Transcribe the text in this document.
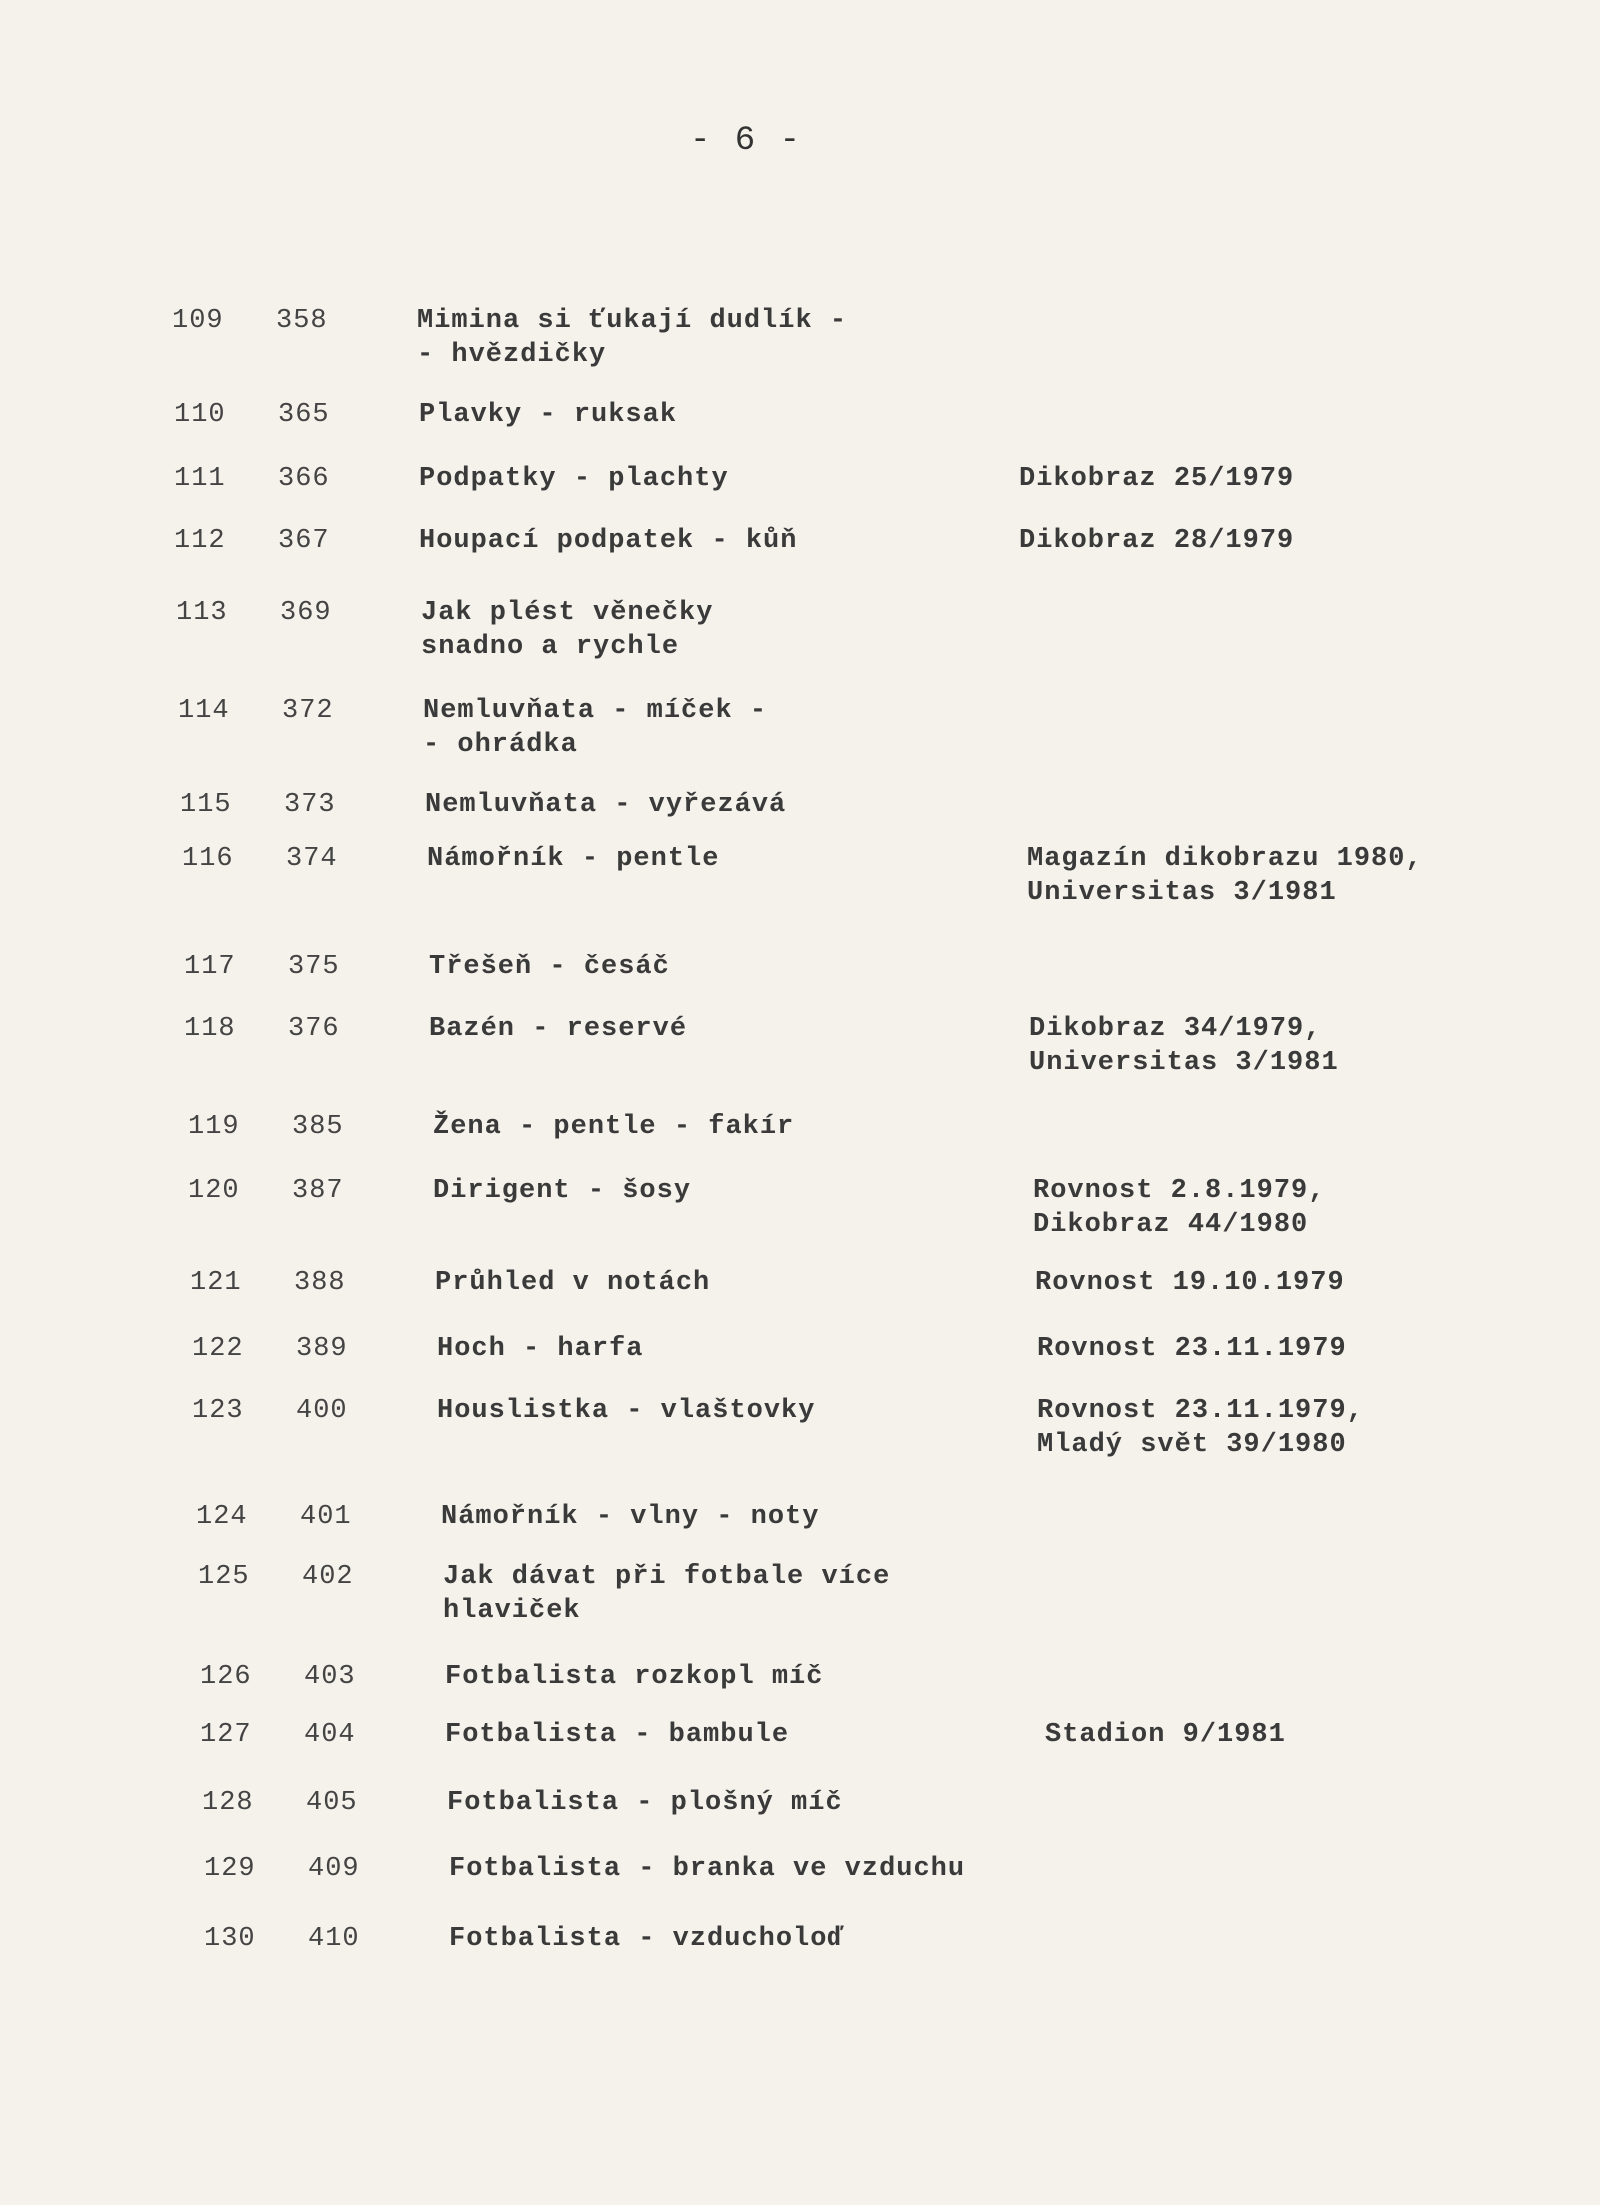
- 6 -
109	358	Mimina si ťukají dudlík -
- hvězdičky
110	365	Plavky - ruksak
111	366	Podpatky - plachty	Dikobraz 25/1979
112	367	Houpací podpatek - kůň	Dikobraz 28/1979
113	369	Jak plést věnečky
snadno a rychle
114	372	Nemluvňata - míček -
- ohrádka
115	373	Nemluvňata - vyřezává
116	374	Námořník - pentle	Magazín dikobrazu 1980,
Universitas 3/1981
117	375	Třešeň - česáč
118	376	Bazén - reservé	Dikobraz 34/1979,
Universitas 3/1981
119	385	Žena - pentle - fakír
120	387	Dirigent - šosy	Rovnost 2.8.1979,
Dikobraz 44/1980
121	388	Průhled v notách	Rovnost 19.10.1979
122	389	Hoch - harfa	Rovnost 23.11.1979
123	400	Houslistka - vlaštovky	Rovnost 23.11.1979,
Mladý svět 39/1980
124	401	Námořník - vlny - noty
125	402	Jak dávat při fotbale více
hlaviček
126	403	Fotbalista rozkopl míč
127	404	Fotbalista - bambule	Stadion 9/1981
128	405	Fotbalista - plošný míč
129	409	Fotbalista - branka ve vzduchu
130	410	Fotbalista - vzducholoď
